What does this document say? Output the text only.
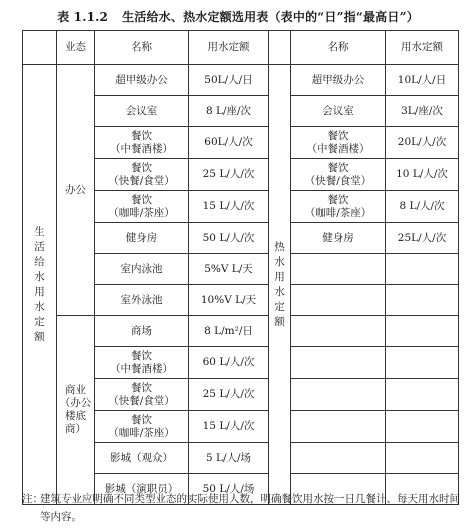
表 1.1.2 生活给水、热水定额选用表（表中的“日”指“最高日”）
	业态	名称	用水定额		名称	用水定额
生活给水用水定额	办公	超甲级办公	50L/人/日	热水用水定额	超甲级办公	10L/人/日
		会议室	8 L/座/次		会议室	3L/座/次
		餐饮
（中餐酒楼）	60L/人/次		餐饮
（中餐酒楼）	20L/人/次
		餐饮
（快餐/食堂）	25 L/人/次		餐饮
（快餐/食堂）	10 L/人/次
		餐饮
（咖啡/茶座）	15 L/人/次		餐饮
（咖啡/茶座）	8 L/人/次
		健身房	50 L/人/次		健身房	25L/人/次
		室内泳池	5%V L/天			
		室外泳池	10%V L/天			
	商业
（办公
楼底
商）	商场	8 L/m²/日			
		餐饮
（中餐酒楼）	60 L/人/次			
		餐饮
（快餐/食堂）	25 L/人/次			
		餐饮
（咖啡/茶座）	15 L/人/次			
		影城（观众）	5 L/人/场			
		影城（演职员）	50 L/人/场			
注：
建筑专业应明确不同类型业态的实际使用人数，明确餐饮用水按一日几餐计、每天用水时间等内容。
